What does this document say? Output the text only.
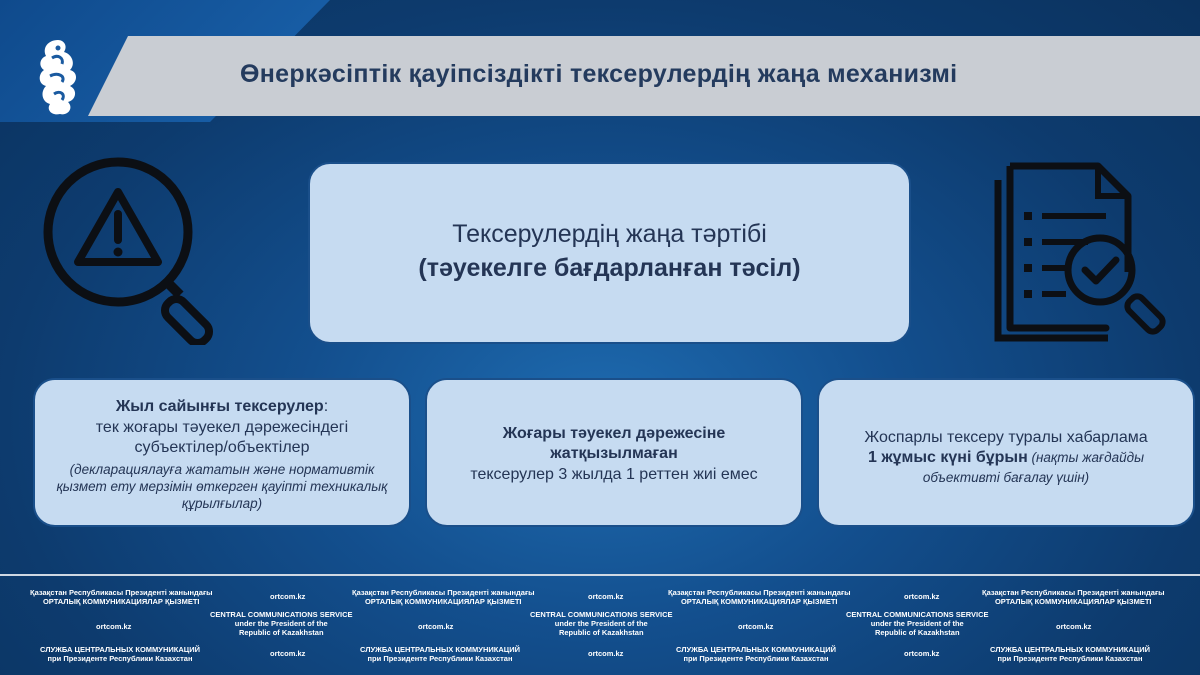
Өнеркәсіптік қауіпсіздікті тексерулердің жаңа механизмі
Тексерулердің жаңа тәртібі
(тәуекелге бағдарланған тәсіл)
Жыл сайынғы тексерулер:
тек жоғары тәуекел дәрежесіндегі
субъектілер/объектілер
(декларациялауға жататын және нормативтік
қызмет ету мерзімін өткерген қауіпті техникалық
құрылғылар)
Жоғары тәуекел дәрежесіне
жатқызылмаған
тексерулер 3 жылда 1 реттен жиі емес
Жоспарлы тексеру туралы хабарлама
1 жұмыс күні бұрын (нақты жағдайды
объективті бағалау үшін)
Қазақстан Республикасы Президенті жанындағы
ОРТАЛЫҚ КОММУНИКАЦИЯЛАР ҚЫЗМЕТІ
ortcom.kz	Қазақстан Республикасы Президенті жанындағы
ОРТАЛЫҚ КОММУНИКАЦИЯЛАР ҚЫЗМЕТІ
ortcom.kz	Қазақстан Республикасы Президенті жанындағы
ОРТАЛЫҚ КОММУНИКАЦИЯЛАР ҚЫЗМЕТІ
ortcom.kz	Қазақстан Республикасы Президенті жанындағы
ОРТАЛЫҚ КОММУНИКАЦИЯЛАР ҚЫЗМЕТІ
ortcom.kz
CENTRAL COMMUNICATIONS SERVICE
under the President of the
Republic of Kazakhstan
ortcom.kz
CENTRAL COMMUNICATIONS SERVICE
under the President of the
Republic of Kazakhstan
ortcom.kz
CENTRAL COMMUNICATIONS SERVICE
under the President of the
Republic of Kazakhstan
ortcom.kz
СЛУЖБА ЦЕНТРАЛЬНЫХ КОММУНИКАЦИЙ
при Президенте Республики Казахстан
ortcom.kz	СЛУЖБА ЦЕНТРАЛЬНЫХ КОММУНИКАЦИЙ
при Президенте Республики Казахстан
ortcom.kz	СЛУЖБА ЦЕНТРАЛЬНЫХ КОММУНИКАЦИЙ
при Президенте Республики Казахстан
ortcom.kz	СЛУЖБА ЦЕНТРАЛЬНЫХ КОММУНИКАЦИЙ
при Президенте Республики Казахстан
